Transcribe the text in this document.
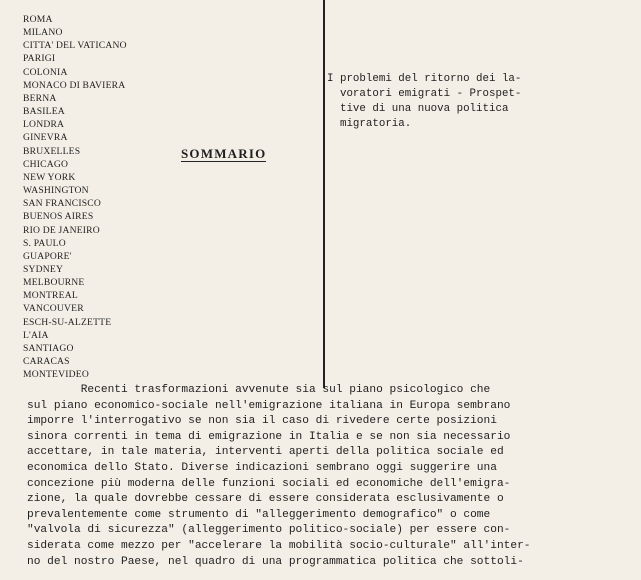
ROMA
MILANO
CITTA' DEL VATICANO
PARIGI
COLONIA
MONACO DI BAVIERA
BERNA
BASILEA
LONDRA
GINEVRA
BRUXELLES
CHICAGO
NEW YORK
WASHINGTON
SAN FRANCISCO
BUENOS AIRES
RIO DE JANEIRO
S. PAULO
GUAPORE'
SYDNEY
MELBOURNE
MONTREAL
VANCOUVER
ESCH-SU-ALZETTE
L'AIA
SANTIAGO
CARACAS
MONTEVIDEO
SOMMARIO

I problemi del ritorno dei la-
voratori emigrati - Prospet-
tive di una nuova politica
migratoria.

Recenti trasformazioni avvenute sia sul piano psicologico che
sul piano economico-sociale nell'emigrazione italiana in Europa sembrano
imporre l'interrogativo se non sia il caso di rivedere certe posizioni
sinora correnti in tema di emigrazione in Italia e se non sia necessario
accettare, in tale materia, interventi aperti della politica sociale ed
economica dello Stato. Diverse indicazioni sembrano oggi suggerire una
concezione più moderna delle funzioni sociali ed economiche dell'emigra-
zione, la quale dovrebbe cessare di essere considerata esclusivamente o
prevalentemente come strumento di "alleggerimento demografico" o come
"valvola di sicurezza" (alleggerimento politico-sociale) per essere con-
siderata come mezzo per "accelerare la mobilità socio-culturale" all'inter-
no del nostro Paese, nel quadro di una programmatica politica che sottoli-
